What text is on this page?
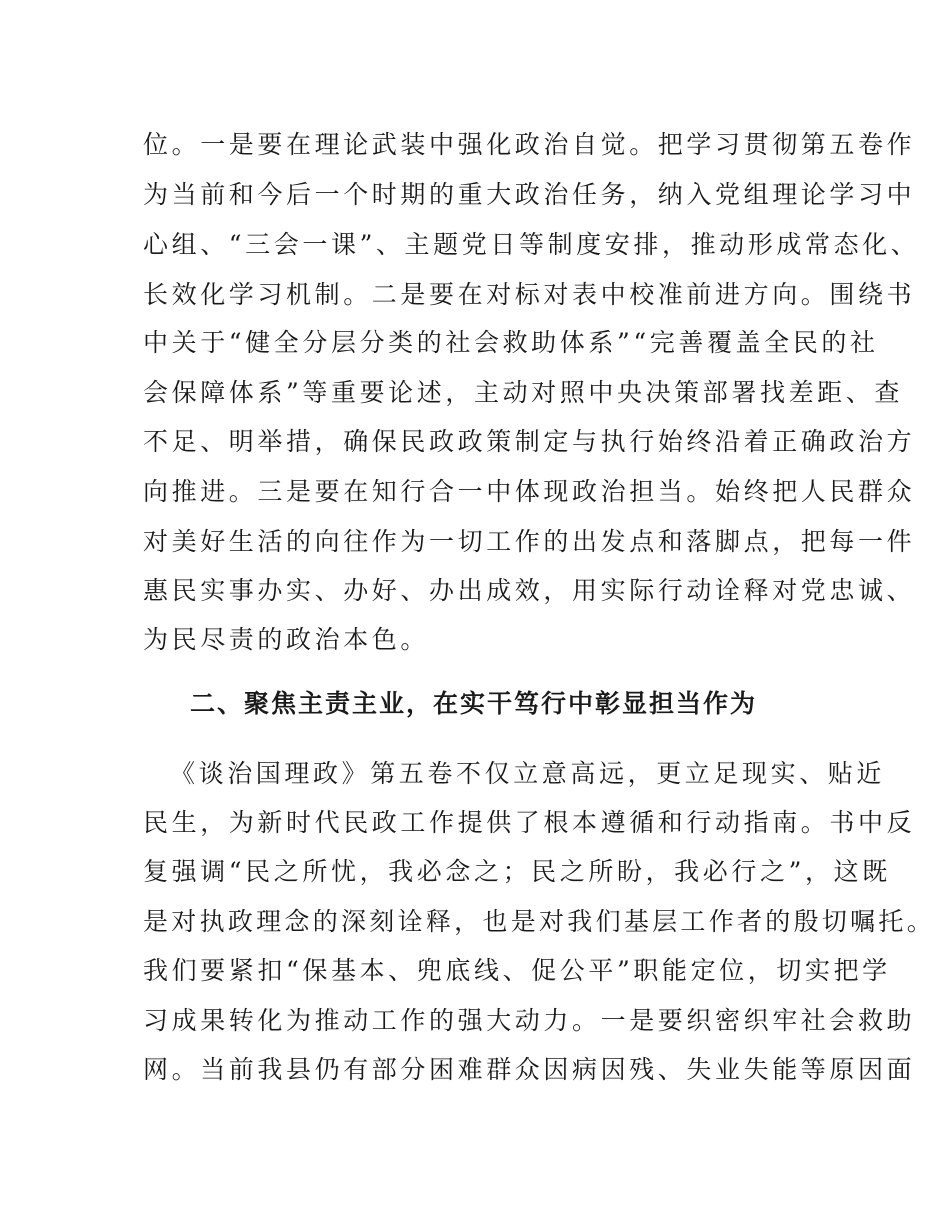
位。一是要在理论武装中强化政治自觉。把学习贯彻第五卷作

为当前和今后一个时期的重大政治任务，纳入党组理论学习中

心组、“三会一课”、主题党日等制度安排，推动形成常态化、

长效化学习机制。二是要在对标对表中校准前进方向。围绕书

中关于“健全分层分类的社会救助体系”“完善覆盖全民的社

会保障体系”等重要论述，主动对照中央决策部署找差距、查

不足、明举措，确保民政政策制定与执行始终沿着正确政治方

向推进。三是要在知行合一中体现政治担当。始终把人民群众

对美好生活的向往作为一切工作的出发点和落脚点，把每一件

惠民实事办实、办好、办出成效，用实际行动诠释对党忠诚、

为民尽责的政治本色。

二、聚焦主责主业，在实干笃行中彰显担当作为

《谈治国理政》第五卷不仅立意高远，更立足现实、贴近

民生，为新时代民政工作提供了根本遵循和行动指南。书中反

复强调“民之所忧，我必念之；民之所盼，我必行之”，这既

是对执政理念的深刻诠释，也是对我们基层工作者的殷切嘱托。

我们要紧扣“保基本、兜底线、促公平”职能定位，切实把学

习成果转化为推动工作的强大动力。一是要织密织牢社会救助

网。当前我县仍有部分困难群众因病因残、失业失能等原因面
